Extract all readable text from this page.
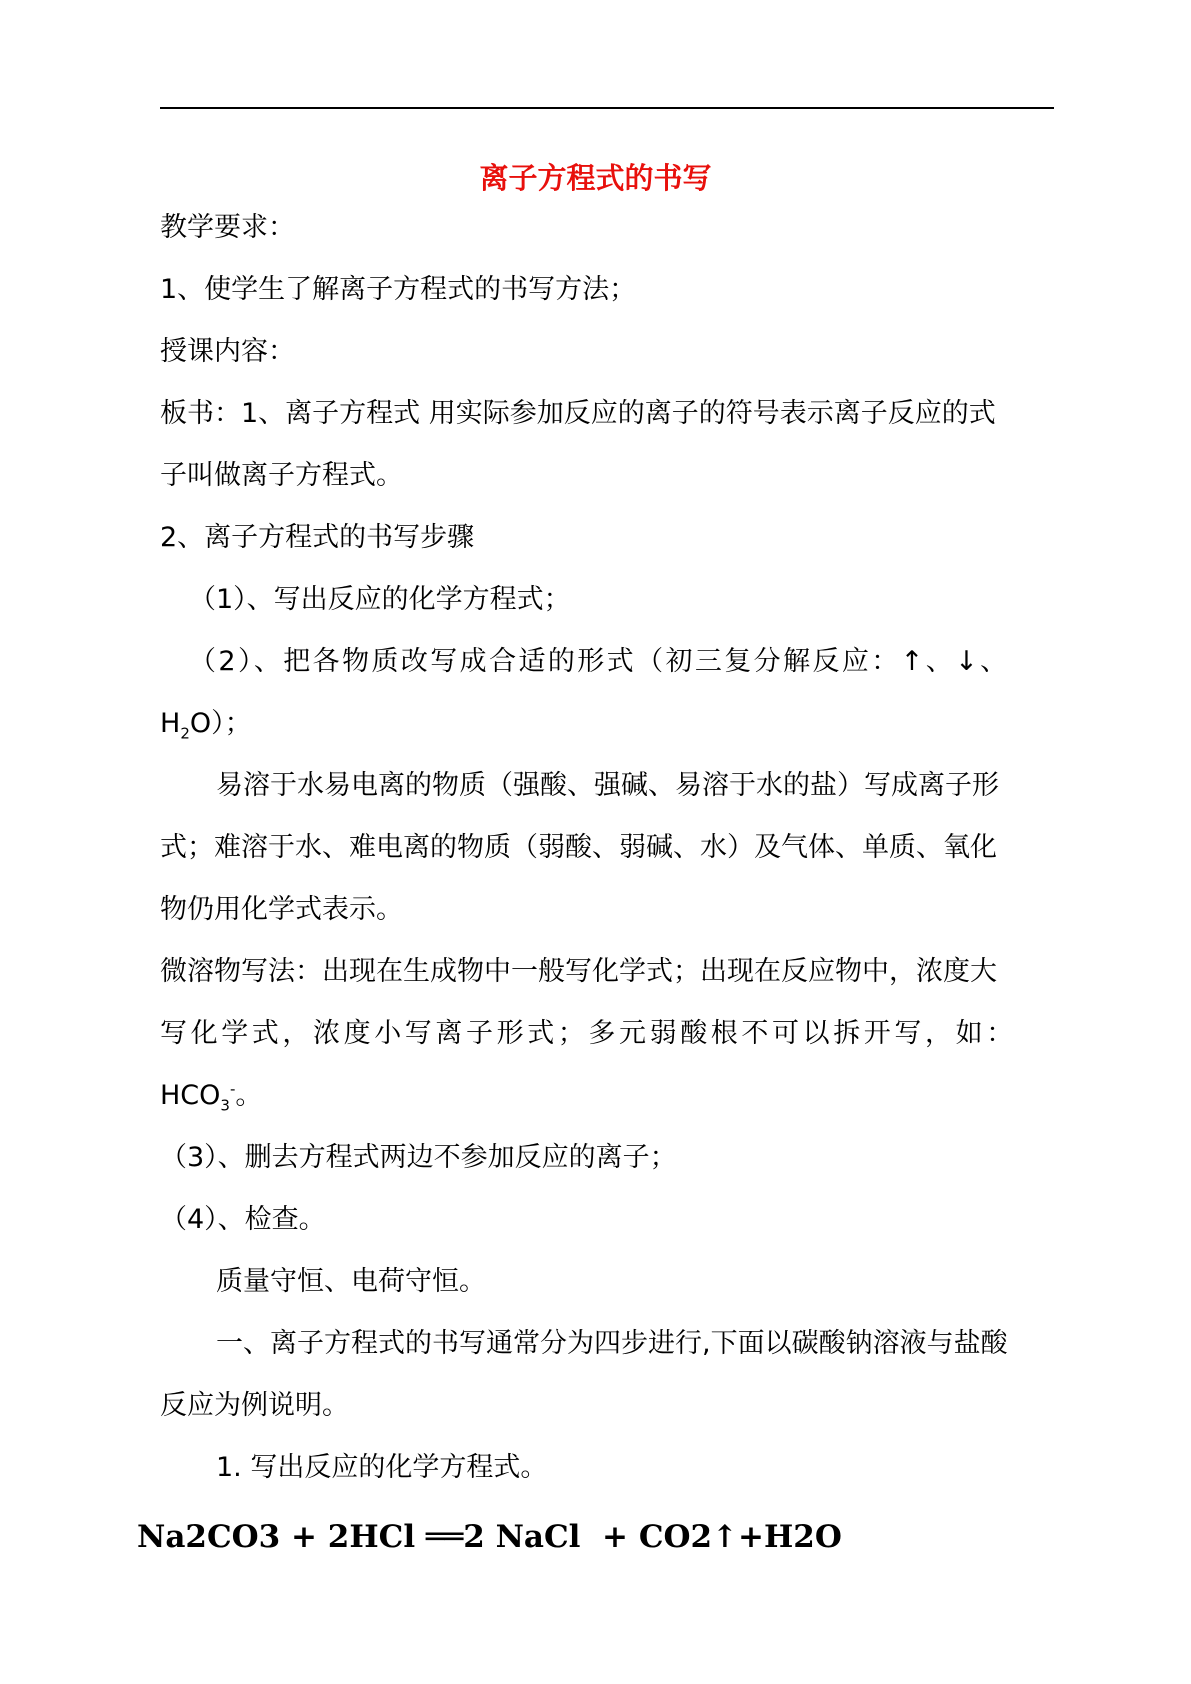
离子方程式的书写
教学要求：
1、使学生了解离子方程式的书写方法；
授课内容：
板书：1、离子方程式 用实际参加反应的离子的符号表示离子反应的式
子叫做离子方程式。
2、离子方程式的书写步骤
（1）、写出反应的化学方程式；
（2）、把各物质改写成合适的形式（初三复分解反应：↑、↓、
$H_2O$）；
易溶于水易电离的物质（强酸、强碱、易溶于水的盐）写成离子形
式；难溶于水、难电离的物质（弱酸、弱碱、水）及气体、单质、氧化
物仍用化学式表示。
微溶物写法：出现在生成物中一般写化学式；出现在反应物中，浓度大
写化学式，浓度小写离子形式；多元弱酸根不可以拆开写，如：
$HCO_3^-$。
（3）、删去方程式两边不参加反应的离子；
（4）、检查。
质量守恒、电荷守恒。
一、离子方程式的书写通常分为四步进行,下面以碳酸钠溶液与盐酸
反应为例说明。
1. 写出反应的化学方程式。
Na2CO3 + 2HCl ══2 NaCl  + CO2↑+H2O
